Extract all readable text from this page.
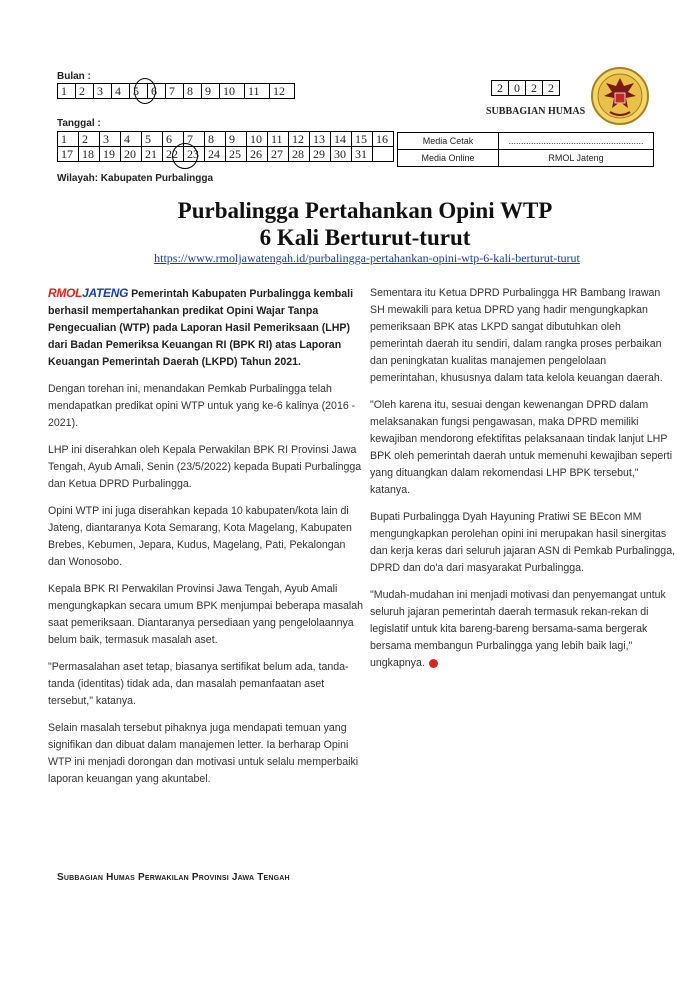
Bulan :
1	2	3	4	5	6	7	8	9	10	11	12
Tanggal :
1	2	3	4	5	6	7	8	9	10	11	12	13	14	15	16
17	18	19	20	21	22	23	24	25	26	27	28	29	30	31	
2	0	2	2
SUBBAGIAN HUMAS
Media Cetak	......................................................
Media Online	RMOL Jateng
Wilayah: Kabupaten Purbalingga
Purbalingga Pertahankan Opini WTP
6 Kali Berturut-turut
https://www.rmoljawatengah.id/purbalingga-pertahankan-opini-wtp-6-kali-berturut-turut

RMOLJATENG Pemerintah Kabupaten Purbalingga kembali berhasil mempertahankan predikat Opini Wajar Tanpa Pengecualian (WTP) pada Laporan Hasil Pemeriksaan (LHP) dari Badan Pemeriksa Keuangan RI (BPK RI) atas Laporan Keuangan Pemerintah Daerah (LKPD) Tahun 2021.

Dengan torehan ini, menandakan Pemkab Purbalingga telah mendapatkan predikat opini WTP untuk yang ke-6 kalinya (2016 - 2021).

LHP ini diserahkan oleh Kepala Perwakilan BPK RI Provinsi Jawa Tengah, Ayub Amali, Senin (23/5/2022) kepada Bupati Purbalingga dan Ketua DPRD Purbalingga.

Opini WTP ini juga diserahkan kepada 10 kabupaten/kota lain di Jateng, diantaranya Kota Semarang, Kota Magelang, Kabupaten Brebes, Kebumen, Jepara, Kudus, Magelang, Pati, Pekalongan dan Wonosobo.

Kepala BPK RI Perwakilan Provinsi Jawa Tengah, Ayub Amali mengungkapkan secara umum BPK menjumpai beberapa masalah saat pemeriksaan. Diantaranya persediaan yang pengelolaannya belum baik, termasuk masalah aset.

"Permasalahan aset tetap, biasanya sertifikat belum ada, tanda-tanda (identitas) tidak ada, dan masalah pemanfaatan aset tersebut," katanya.

Selain masalah tersebut pihaknya juga mendapati temuan yang signifikan dan dibuat dalam manajemen letter. Ia berharap Opini WTP ini menjadi dorongan dan motivasi untuk selalu memperbaiki laporan keuangan yang akuntabel.

Sementara itu Ketua DPRD Purbalingga HR Bambang Irawan SH mewakili para ketua DPRD yang hadir mengungkapkan pemeriksaan BPK atas LKPD sangat dibutuhkan oleh pemerintah daerah itu sendiri, dalam rangka proses perbaikan dan peningkatan kualitas manajemen pengelolaan pemerintahan, khususnya dalam tata kelola keuangan daerah.

"Oleh karena itu, sesuai dengan kewenangan DPRD dalam melaksanakan fungsi pengawasan, maka DPRD memiliki kewajiban mendorong efektifitas pelaksanaan tindak lanjut LHP BPK oleh pemerintah daerah untuk memenuhi kewajiban seperti yang dituangkan dalam rekomendasi LHP BPK tersebut," katanya.

Bupati Purbalingga Dyah Hayuning Pratiwi SE BEcon MM mengungkapkan perolehan opini ini merupakan hasil sinergitas dan kerja keras dari seluruh jajaran ASN di Pemkab Purbalingga, DPRD dan do'a dari masyarakat Purbalingga.

"Mudah-mudahan ini menjadi motivasi dan penyemangat untuk seluruh jajaran pemerintah daerah termasuk rekan-rekan di legislatif untuk kita bareng-bareng bersama-sama bergerak bersama membangun Purbalingga yang lebih baik lagi," ungkapnya.

Subbagian Humas Perwakilan Provinsi Jawa Tengah
